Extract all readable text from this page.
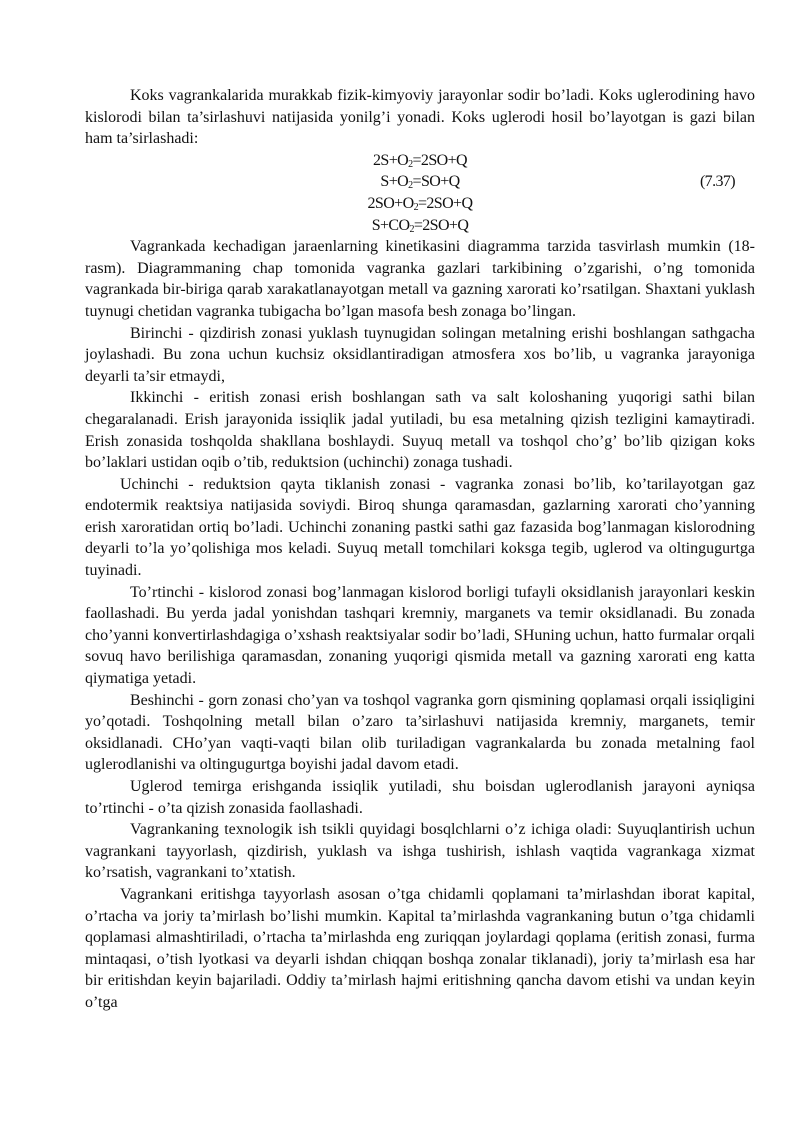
Koks vagrankalarida murakkab fizik-kimyoviy jarayonlar sodir bo’ladi. Koks uglerodining havo kislorodi bilan ta’sirlashuvi natijasida yonilg’i yonadi. Koks uglerodi hosil bo’layotgan is gazi bilan ham ta’sirlashadi:

$2S+O_2=2SO+Q$
$S+O_2=SO+Q$
$2SO+O_2=2SO+Q$
$S+CO_2=2SO+Q$
(7.37)

Vagrankada kechadigan jaraenlarning kinetikasini diagramma tarzida tasvirlash mumkin (18-rasm). Diagrammaning chap tomonida vagranka gazlari tarkibining o’zgarishi, o’ng tomonida vagrankada bir-biriga qarab xarakatlanayotgan metall va gazning xarorati ko’rsatilgan. Shaxtani yuklash tuynugi chetidan vagranka tubigacha bo’lgan masofa besh zonaga bo’lingan.

Birinchi - qizdirish zonasi yuklash tuynugidan solingan metalning erishi boshlangan sathgacha joylashadi. Bu zona uchun kuchsiz oksidlantiradigan atmosfera xos bo’lib, u vagranka jarayoniga deyarli ta’sir etmaydi,

Ikkinchi - eritish zonasi erish boshlangan sath va salt koloshaning yuqorigi sathi bilan chegaralanadi. Erish jarayonida issiqlik jadal yutiladi, bu esa metalning qizish tezligini kamaytiradi. Erish zonasida toshqolda shakllana boshlaydi. Suyuq metall va toshqol cho’g’ bo’lib qizigan koks bo’laklari ustidan oqib o’tib, reduktsion (uchinchi) zonaga tushadi.

Uchinchi - reduktsion qayta tiklanish zonasi - vagranka zonasi bo’lib, ko’tarilayotgan gaz endotermik reaktsiya natijasida soviydi. Biroq shunga qaramasdan, gazlarning xarorati cho’yanning erish xaroratidan ortiq bo’ladi. Uchinchi zonaning pastki sathi gaz fazasida bog’lanmagan kislorodning deyarli to’la yo’qolishiga mos keladi. Suyuq metall tomchilari koksga tegib, uglerod va oltingugurtga tuyinadi.

To’rtinchi - kislorod zonasi bog’lanmagan kislorod borligi tufayli oksidlanish jarayonlari keskin faollashadi. Bu yerda jadal yonishdan tashqari kremniy, marganets va temir oksidlanadi. Bu zonada cho’yanni konvertirlashdagiga o’xshash reaktsiyalar sodir bo’ladi, SHuning uchun, hatto furmalar orqali sovuq havo berilishiga qaramasdan, zonaning yuqorigi qismida metall va gazning xarorati eng katta qiymatiga yetadi.

Beshinchi - gorn zonasi cho’yan va toshqol vagranka gorn qismining qoplamasi orqali issiqligini yo’qotadi. Toshqolning metall bilan o’zaro ta’sirlashuvi natijasida kremniy, marganets, temir oksidlanadi. CHo’yan vaqti-vaqti bilan olib turiladigan vagrankalarda bu zonada metalning faol uglerodlanishi va oltingugurtga boyishi jadal davom etadi.

Uglerod temirga erishganda issiqlik yutiladi, shu boisdan uglerodlanish jarayoni ayniqsa to’rtinchi - o’ta qizish zonasida faollashadi.

Vagrankaning texnologik ish tsikli quyidagi bosqlchlarni o’z ichiga oladi: Suyuqlantirish uchun vagrankani tayyorlash, qizdirish, yuklash va ishga tushirish, ishlash vaqtida vagrankaga xizmat ko’rsatish, vagrankani to’xtatish.

Vagrankani eritishga tayyorlash asosan o’tga chidamli qoplamani ta’mirlashdan iborat kapital, o’rtacha va joriy ta’mirlash bo’lishi mumkin. Kapital ta’mirlashda vagrankaning butun o’tga chidamli qoplamasi almashtiriladi, o’rtacha ta’mirlashda eng zuriqqan joylardagi qoplama (eritish zonasi, furma mintaqasi, o’tish lyotkasi va deyarli ishdan chiqqan boshqa zonalar tiklanadi), joriy ta’mirlash esa har bir eritishdan keyin bajariladi. Oddiy ta’mirlash hajmi eritishning qancha davom etishi va undan keyin o’tga
